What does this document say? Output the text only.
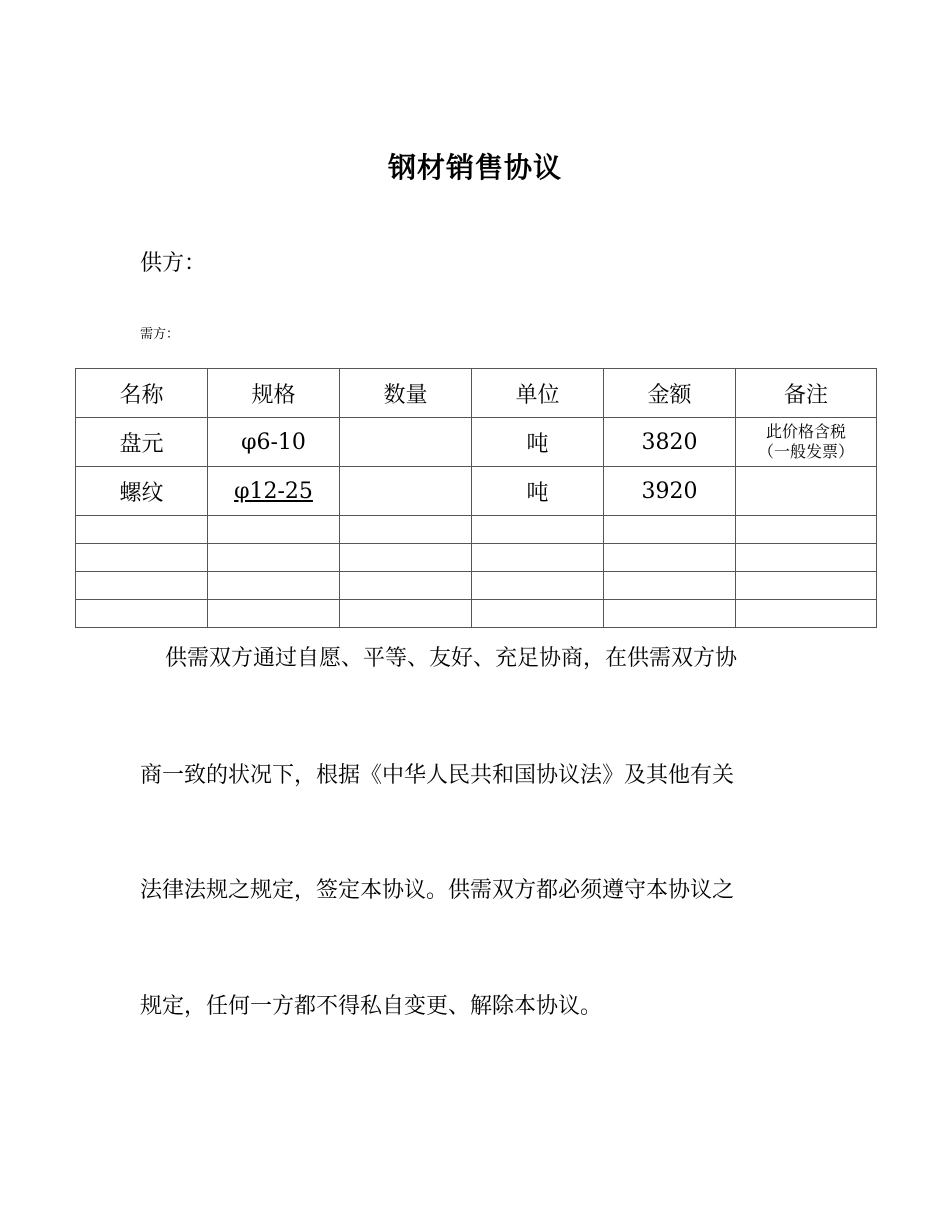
钢材销售协议
供方：
需方：
名称	规格	数量	单位	金额	备注
盘元	φ6-10		吨	3820	此价格含税
（一般发票）

螺纹	φ12-25		吨	3920	

供需双方通过自愿、平等、友好、充足协商，在供需双方协
商一致的状况下，根据《中华人民共和国协议法》及其他有关
法律法规之规定，签定本协议。供需双方都必须遵守本协议之
规定，任何一方都不得私自变更、解除本协议。
